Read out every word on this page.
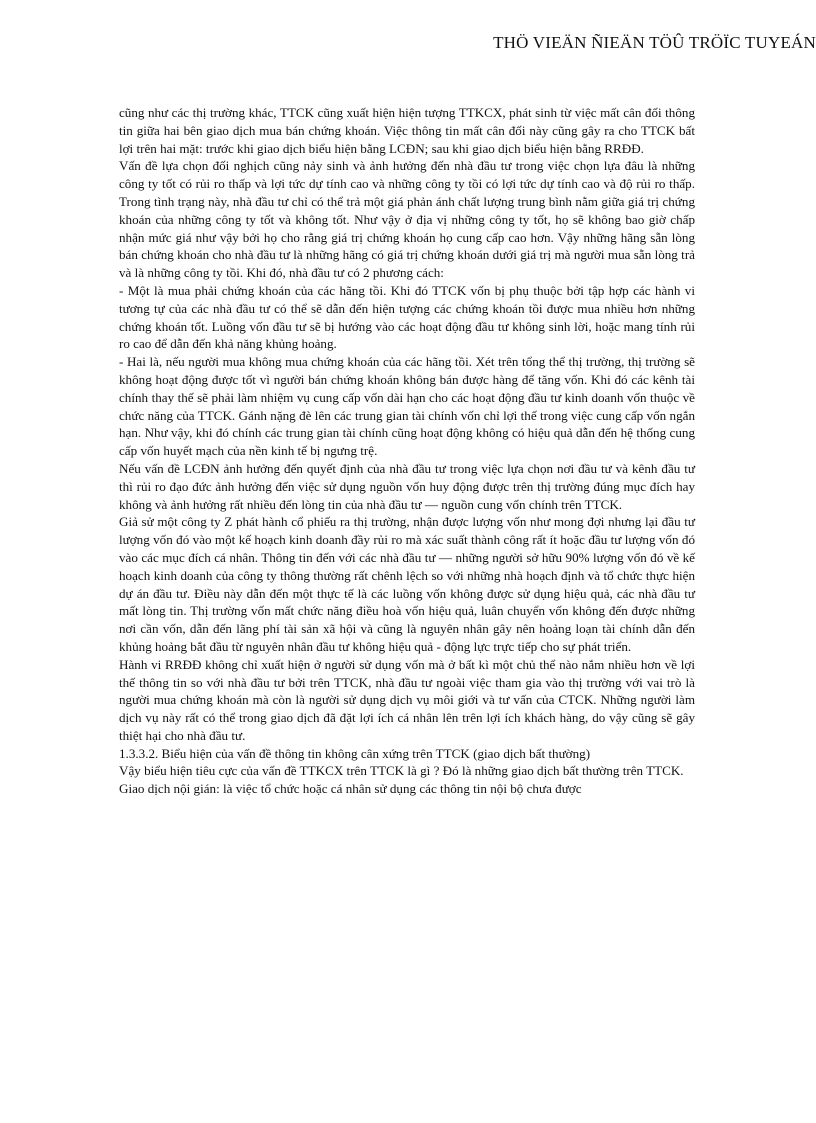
THÖ VIEÄN ÑIEÄN TÖÛ TRÖÏC TUYEÁN

cũng như các thị trường khác, TTCK cũng xuất hiện hiện tượng TTKCX, phát sinh từ việc mất cân đối thông tin giữa hai bên giao dịch mua bán chứng khoán. Việc thông tin mất cân đối này cũng gây ra cho TTCK bất lợi trên hai mặt: trước khi giao dịch biểu hiện bằng LCĐN; sau khi giao dịch biểu hiện bằng RRĐĐ.

Vấn đề lựa chọn đối nghịch cũng nảy sinh và ảnh hưởng đến nhà đầu tư trong việc chọn lựa đâu là những công ty tốt có rủi ro thấp và lợi tức dự tính cao và những công ty tồi có lợi tức dự tính cao và độ rủi ro thấp. Trong tình trạng này, nhà đầu tư chỉ có thể trả một giá phản ánh chất lượng trung bình nằm giữa giá trị chứng khoán của những công ty tốt và không tốt. Như vậy ở địa vị những công ty tốt, họ sẽ không bao giờ chấp nhận mức giá như vậy bởi họ cho rằng giá trị chứng khoán họ cung cấp cao hơn. Vậy những hãng sẵn lòng bán chứng khoán cho nhà đầu tư là những hãng có giá trị chứng khoán dưới giá trị mà người mua sẵn lòng trả và là những công ty tồi. Khi đó, nhà đầu tư có 2 phương cách:

- Một là mua phải chứng khoán của các hãng tồi. Khi đó TTCK vốn bị phụ thuộc bởi tập hợp các hành vi tương tự của các nhà đầu tư có thể sẽ dẫn đến hiện tượng các chứng khoán tồi được mua nhiều hơn những chứng khoán tốt. Luồng vốn đầu tư sẽ bị hướng vào các hoạt động đầu tư không sinh lời, hoặc mang tính rủi ro cao để dẫn đến khả năng khủng hoảng.

- Hai là, nếu người mua không mua chứng khoán của các hãng tồi. Xét trên tổng thể thị trường, thị trường sẽ không hoạt động được tốt vì người bán chứng khoán không bán được hàng để tăng vốn. Khi đó các kênh tài chính thay thế sẽ phải làm nhiệm vụ cung cấp vốn dài hạn cho các hoạt động đầu tư kinh doanh vốn thuộc về chức năng của TTCK. Gánh nặng đè lên các trung gian tài chính vốn chỉ lợi thế trong việc cung cấp vốn ngắn hạn. Như vậy, khi đó chính các trung gian tài chính cũng hoạt động không có hiệu quả dẫn đến hệ thống cung cấp vốn huyết mạch của nền kinh tế bị ngưng trệ.

Nếu vấn đề LCĐN ảnh hưởng đến quyết định của nhà đầu tư trong việc lựa chọn nơi đầu tư và kênh đầu tư thì rủi ro đạo đức ảnh hưởng đến việc sử dụng nguồn vốn huy động được trên thị trường đúng mục đích hay không và ảnh hưởng rất nhiều đến lòng tin của nhà đầu tư — nguồn cung vốn chính trên TTCK.

Giả sử một công ty Z phát hành cổ phiếu ra thị trường, nhận được lượng vốn như mong đợi nhưng lại đầu tư lượng vốn đó vào một kế hoạch kinh doanh đầy rủi ro mà xác suất thành công rất ít hoặc đầu tư lượng vốn đó vào các mục đích cá nhân. Thông tin đến với các nhà đầu tư — những người sở hữu 90% lượng vốn đó về kế hoạch kinh doanh của công ty thông thường rất chênh lệch so với những nhà hoạch định và tổ chức thực hiện dự án đầu tư. Điều này dẫn đến một thực tế là các luồng vốn không được sử dụng hiệu quả, các nhà đầu tư mất lòng tin. Thị trường vốn mất chức năng điều hoà vốn hiệu quả, luân chuyển vốn không đến được những nơi cần vốn, dẫn đến lãng phí tài sản xã hội và cũng là nguyên nhân gây nên hoảng loạn tài chính dẫn đến khủng hoảng bắt đầu từ nguyên nhân đầu tư không hiệu quả - động lực trực tiếp cho sự phát triển.

Hành vi RRĐĐ không chỉ xuất hiện ở người sử dụng vốn mà ở bất kì một chủ thể nào nắm nhiều hơn về lợi thế thông tin so với nhà đầu tư bởi trên TTCK, nhà đầu tư ngoài việc tham gia vào thị trường với vai trò là người mua chứng khoán mà còn là người sử dụng dịch vụ môi giới và tư vấn của CTCK. Những người làm dịch vụ này rất có thể trong giao dịch đã đặt lợi ích cá nhân lên trên lợi ích khách hàng, do vậy cũng sẽ gây thiệt hại cho nhà đầu tư.

1.3.3.2. Biểu hiện của vấn đề thông tin không cân xứng trên TTCK (giao dịch bất thường)

Vậy biểu hiện tiêu cực của vấn đề TTKCX trên TTCK là gì ? Đó là những giao dịch bất thường trên TTCK.

Giao dịch nội gián: là việc tổ chức hoặc cá nhân sử dụng các thông tin nội bộ chưa được
